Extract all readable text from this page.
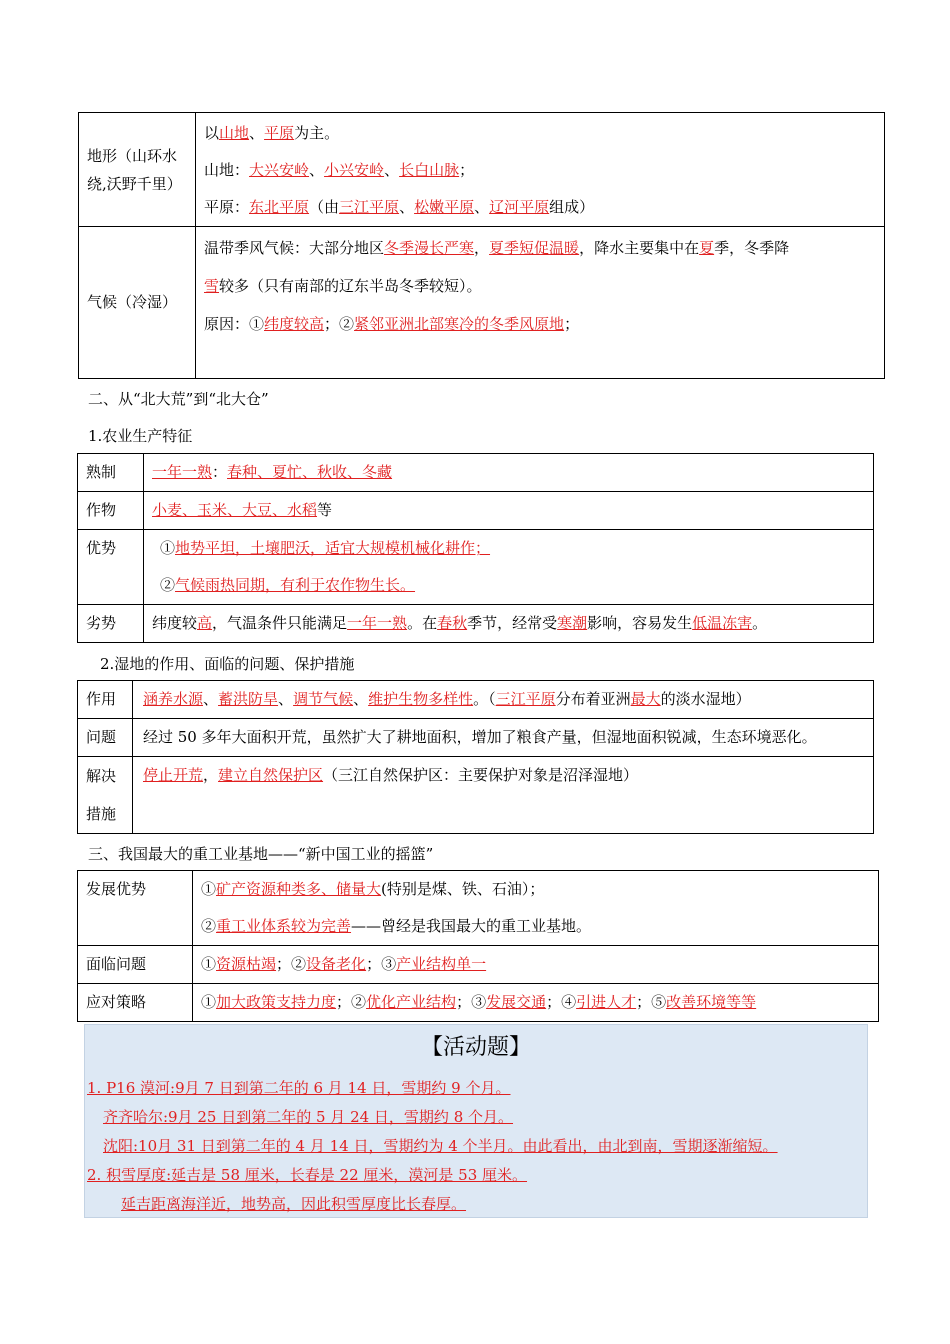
地形（山环水绕,沃野千里）	以山地、平原为主。
山地：大兴安岭、小兴安岭、长白山脉；
平原：东北平原（由三江平原、松嫩平原、辽河平原组成）

气候（冷湿）	温带季风气候：大部分地区冬季漫长严寒，夏季短促温暖，降水主要集中在夏季，冬季降
雪较多（只有南部的辽东半岛冬季较短）。
原因：①纬度较高；②紧邻亚洲北部寒冷的冬季风原地；
二、从“北大荒”到“北大仓”
1.农业生产特征
熟制	一年一熟：春种、夏忙、秋收、冬藏

作物	小麦、玉米、大豆、水稻等

优势	①地势平坦，土壤肥沃，适宜大规模机械化耕作；
②气候雨热同期，有利于农作物生长。

劣势	纬度较高，气温条件只能满足一年一熟。在春秋季节，经常受寒潮影响，容易发生低温冻害。
2.湿地的作用、面临的问题、保护措施
作用	涵养水源、蓄洪防旱、调节气候、维护生物多样性。（三江平原分布着亚洲最大的淡水湿地）

问题	经过 50 多年大面积开荒，虽然扩大了耕地面积，增加了粮食产量，但湿地面积锐减，生态环境恶化。

解决措施	停止开荒，建立自然保护区（三江自然保护区：主要保护对象是沼泽湿地）
三、我国最大的重工业基地——“新中国工业的摇篮”
发展优势	①矿产资源种类多、储量大(特别是煤、铁、石油）；
②重工业体系较为完善——曾经是我国最大的重工业基地。

面临问题	①资源枯竭；②设备老化；③产业结构单一

应对策略	①加大政策支持力度；②优化产业结构；③发展交通；④引进人才；⑤改善环境等等
【活动题】
1. P16 漠河:9月 7 日到第二年的 6 月 14 日，雪期约 9 个月。
齐齐哈尔:9月 25 日到第二年的 5 月 24 日，雪期约 8 个月。
沈阳:10月 31 日到第二年的 4 月 14 日，雪期约为 4 个半月。由此看出，由北到南，雪期逐渐缩短。
2. 积雪厚度:延吉是 58 厘米，长春是 22 厘米，漠河是 53 厘米。
延吉距离海洋近，地势高，因此积雪厚度比长春厚。
